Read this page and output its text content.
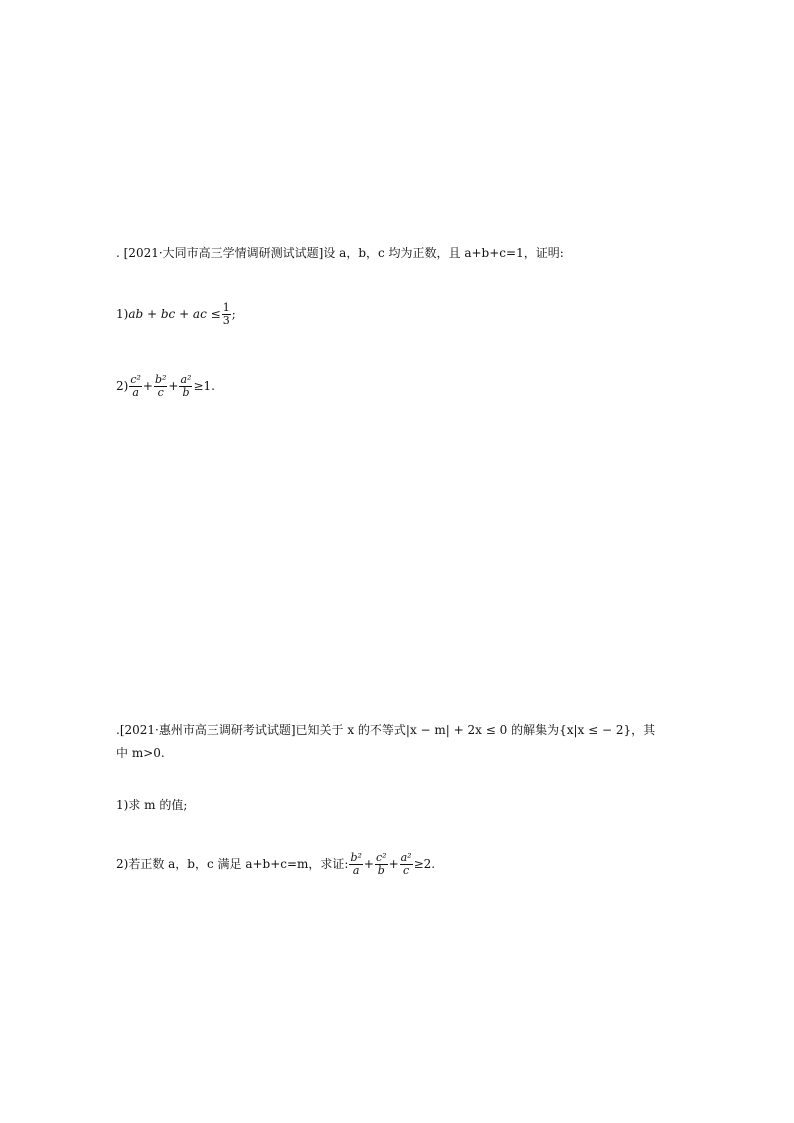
. [2021·大同市高三学情调研测试试题]设 a，b，c 均为正数，且 a+b+c=1，证明:
1)ab + bc + ac ≤ $\frac{1}{3}$ ;
$2) \frac{\text{c²}}{a} + \frac{\text{b²}}{c} + \frac{\text{a²}}{b} \ge 1$.
.[2021·惠州市高三调研考试试题]已知关于 x 的不等式|x − m| + 2x ≤ 0 的解集为{x|x ≤ − 2}，其
中 m>0.
1)求 m 的值;
2)若正数 a，b，c 满足 a+b+c=m，求证: $\frac{\text{b²}}{a} + \frac{\text{c²}}{b} + \frac{\text{a²}}{c} \ge 2$.
